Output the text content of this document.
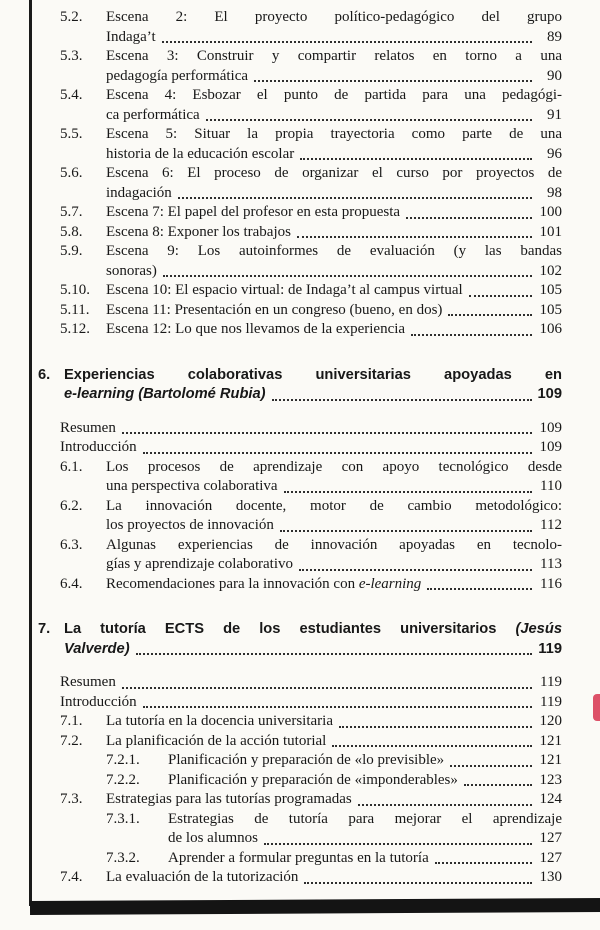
5.2.	Escena 2: El proyecto político-pedagógico del grupo
Indaga’t	89
5.3.	Escena 3: Construir y compartir relatos en torno a una
pedagogía performática	90
5.4.	Escena 4: Esbozar el punto de partida para una pedagógi-
ca performática	91
5.5.	Escena 5: Situar la propia trayectoria como parte de una
historia de la educación escolar	96
5.6.	Escena 6: El proceso de organizar el curso por proyectos de
indagación	98
5.7.	Escena 7: El papel del profesor en esta propuesta	100
5.8.	Escena 8: Exponer los trabajos	101
5.9.	Escena 9: Los autoinformes de evaluación (y las bandas
sonoras)	102
5.10.	Escena 10: El espacio virtual: de Indaga’t al campus virtual	105
5.11.	Escena 11: Presentación en un congreso (bueno, en dos)	105
5.12.	Escena 12: Lo que nos llevamos de la experiencia	106
6. Experiencias colaborativas universitarias apoyadas en
e-learning (Bartolomé Rubia)	109
Resumen	109
Introducción	109
6.1.	Los procesos de aprendizaje con apoyo tecnológico desde
una perspectiva colaborativa	110
6.2.	La innovación docente, motor de cambio metodológico:
los proyectos de innovación	112
6.3.	Algunas experiencias de innovación apoyadas en tecnolo-
gías y aprendizaje colaborativo	113
6.4.	Recomendaciones para la innovación con e-learning	116
7. La tutoría ECTS de los estudiantes universitarios (Jesús
Valverde)	119
Resumen	119
Introducción	119
7.1.	La tutoría en la docencia universitaria	120
7.2.	La planificación de la acción tutorial	121
7.2.1.	Planificación y preparación de «lo previsible»	121
7.2.2.	Planificación y preparación de «imponderables»	123
7.3.	Estrategias para las tutorías programadas	124
7.3.1.	Estrategias de tutoría para mejorar el aprendizaje
de los alumnos	127
7.3.2.	Aprender a formular preguntas en la tutoría	127
7.4.	La evaluación de la tutorización	130
